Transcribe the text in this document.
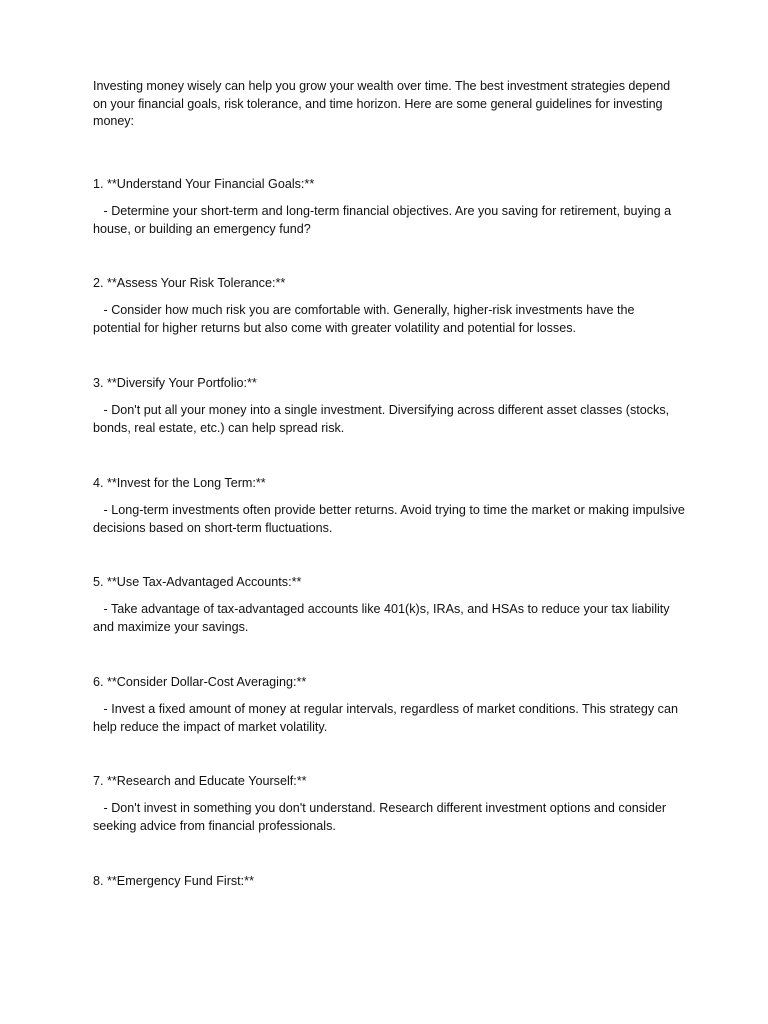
Investing money wisely can help you grow your wealth over time. The best investment strategies depend on your financial goals, risk tolerance, and time horizon. Here are some general guidelines for investing money:

1. **Understand Your Financial Goals:**

- Determine your short-term and long-term financial objectives. Are you saving for retirement, buying a house, or building an emergency fund?

2. **Assess Your Risk Tolerance:**

- Consider how much risk you are comfortable with. Generally, higher-risk investments have the potential for higher returns but also come with greater volatility and potential for losses.

3. **Diversify Your Portfolio:**

- Don't put all your money into a single investment. Diversifying across different asset classes (stocks, bonds, real estate, etc.) can help spread risk.

4. **Invest for the Long Term:**

- Long-term investments often provide better returns. Avoid trying to time the market or making impulsive decisions based on short-term fluctuations.

5. **Use Tax-Advantaged Accounts:**

- Take advantage of tax-advantaged accounts like 401(k)s, IRAs, and HSAs to reduce your tax liability and maximize your savings.

6. **Consider Dollar-Cost Averaging:**

- Invest a fixed amount of money at regular intervals, regardless of market conditions. This strategy can help reduce the impact of market volatility.

7. **Research and Educate Yourself:**

- Don't invest in something you don't understand. Research different investment options and consider seeking advice from financial professionals.

8. **Emergency Fund First:**
